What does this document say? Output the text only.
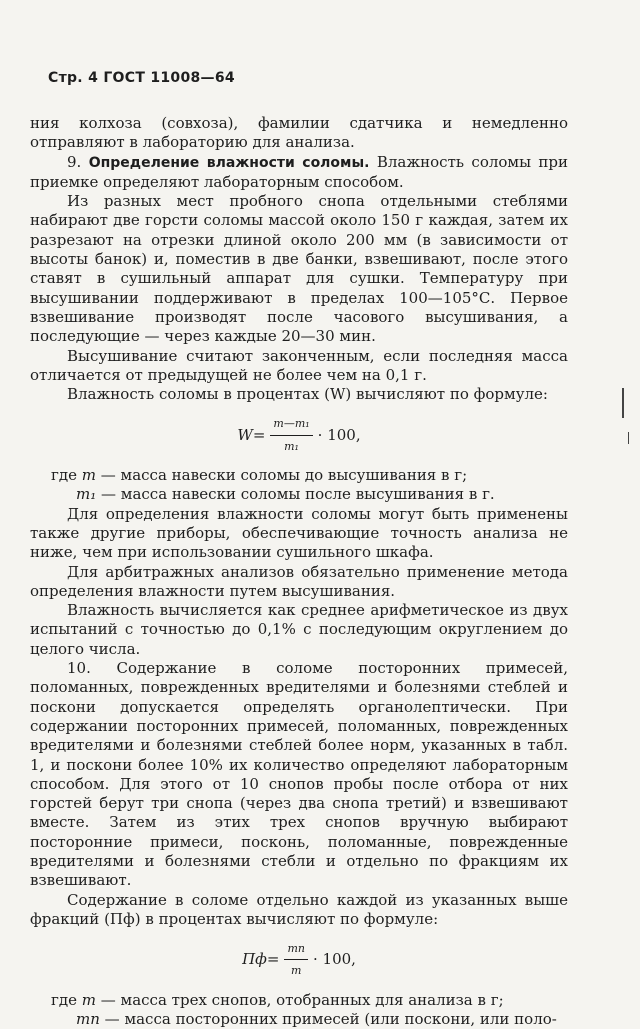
Стр. 4 ГОСТ 11008—64

ния колхоза (совхоза), фамилии сдатчика и немедленно отправляют в лабораторию для анализа.

9. Определение влажности соломы. Влажность соломы при приемке определяют лабораторным способом.

Из разных мест пробного снопа отдельными стеблями набирают две горсти соломы массой около 150 г каждая, затем их разрезают на отрезки длиной около 200 мм (в зависимости от высоты банок) и, поместив в две банки, взвешивают, после этого ставят в сушильный аппарат для сушки. Температуру при высушивании поддерживают в пределах 100—105°С. Первое взвешивание производят после часового высушивания, а последующие — через каждые 20—30 мин.

Высушивание считают законченным, если последняя масса отличается от предыдущей не более чем на 0,1 г.

Влажность соломы в процентах (W) вычисляют по формуле:

$W = \frac{\text{m—m₁}}{\text{m₁}} \cdot 100$,

где m — масса навески соломы до высушивания в г;

m₁ — масса навески соломы после высушивания в г.

Для определения влажности соломы могут быть применены также другие приборы, обеспечивающие точность анализа не ниже, чем при использовании сушильного шкафа.

Для арбитражных анализов обязательно применение метода определения влажности путем высушивания.

Влажность вычисляется как среднее арифметическое из двух испытаний с точностью до 0,1% с последующим округлением до целого числа.

10. Содержание в соломе посторонних примесей, поломанных, поврежденных вредителями и болезнями стеблей и поскони допускается определять органолептически. При содержании посторонних примесей, поломанных, поврежденных вредителями и болезнями стеблей более норм, указанных в табл. 1, и поскони более 10% их количество определяют лабораторным способом. Для этого от 10 снопов пробы после отбора от них горстей берут три снопа (через два снопа третий) и взвешивают вместе. Затем из этих трех снопов вручную выбирают посторонние примеси, посконь, поломанные, поврежденные вредителями и болезнями стебли и отдельно по фракциям их взвешивают.

Содержание в соломе отдельно каждой из указанных выше фракций (Пф) в процентах вычисляют по формуле:

Пф = $\frac{mп}{m} \cdot 100$,

где m — масса трех снопов, отобранных для анализа в г;

mп — масса посторонних примесей (или поскони, или поло-
